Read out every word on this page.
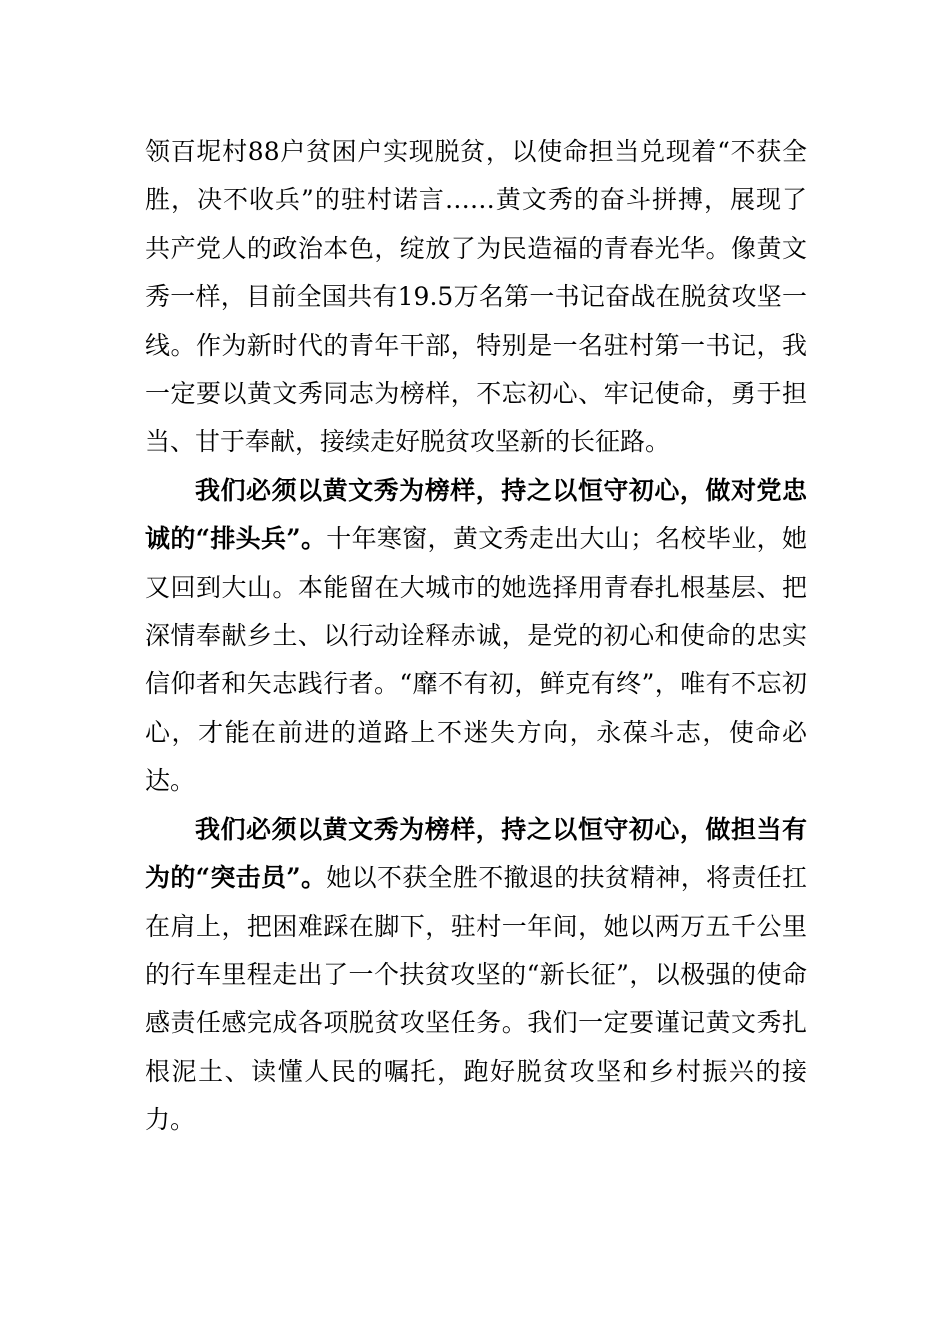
领百坭村88户贫困户实现脱贫，以使命担当兑现着“不获全胜，决不收兵”的驻村诺言……黄文秀的奋斗拼搏，展现了共产党人的政治本色，绽放了为民造福的青春光华。像黄文秀一样，目前全国共有19.5万名第一书记奋战在脱贫攻坚一线。作为新时代的青年干部，特别是一名驻村第一书记，我一定要以黄文秀同志为榜样，不忘初心、牢记使命，勇于担当、甘于奉献，接续走好脱贫攻坚新的长征路。

我们必须以黄文秀为榜样，持之以恒守初心，做对党忠诚的“排头兵”。十年寒窗，黄文秀走出大山；名校毕业，她又回到大山。本能留在大城市的她选择用青春扎根基层、把深情奉献乡土、以行动诠释赤诚，是党的初心和使命的忠实信仰者和矢志践行者。“靡不有初，鲜克有终”，唯有不忘初心，才能在前进的道路上不迷失方向，永葆斗志，使命必达。

我们必须以黄文秀为榜样，持之以恒守初心，做担当有为的“突击员”。她以不获全胜不撤退的扶贫精神，将责任扛在肩上，把困难踩在脚下，驻村一年间，她以两万五千公里的行车里程走出了一个扶贫攻坚的“新长征”，以极强的使命感责任感完成各项脱贫攻坚任务。我们一定要谨记黄文秀扎根泥土、读懂人民的嘱托，跑好脱贫攻坚和乡村振兴的接力。
